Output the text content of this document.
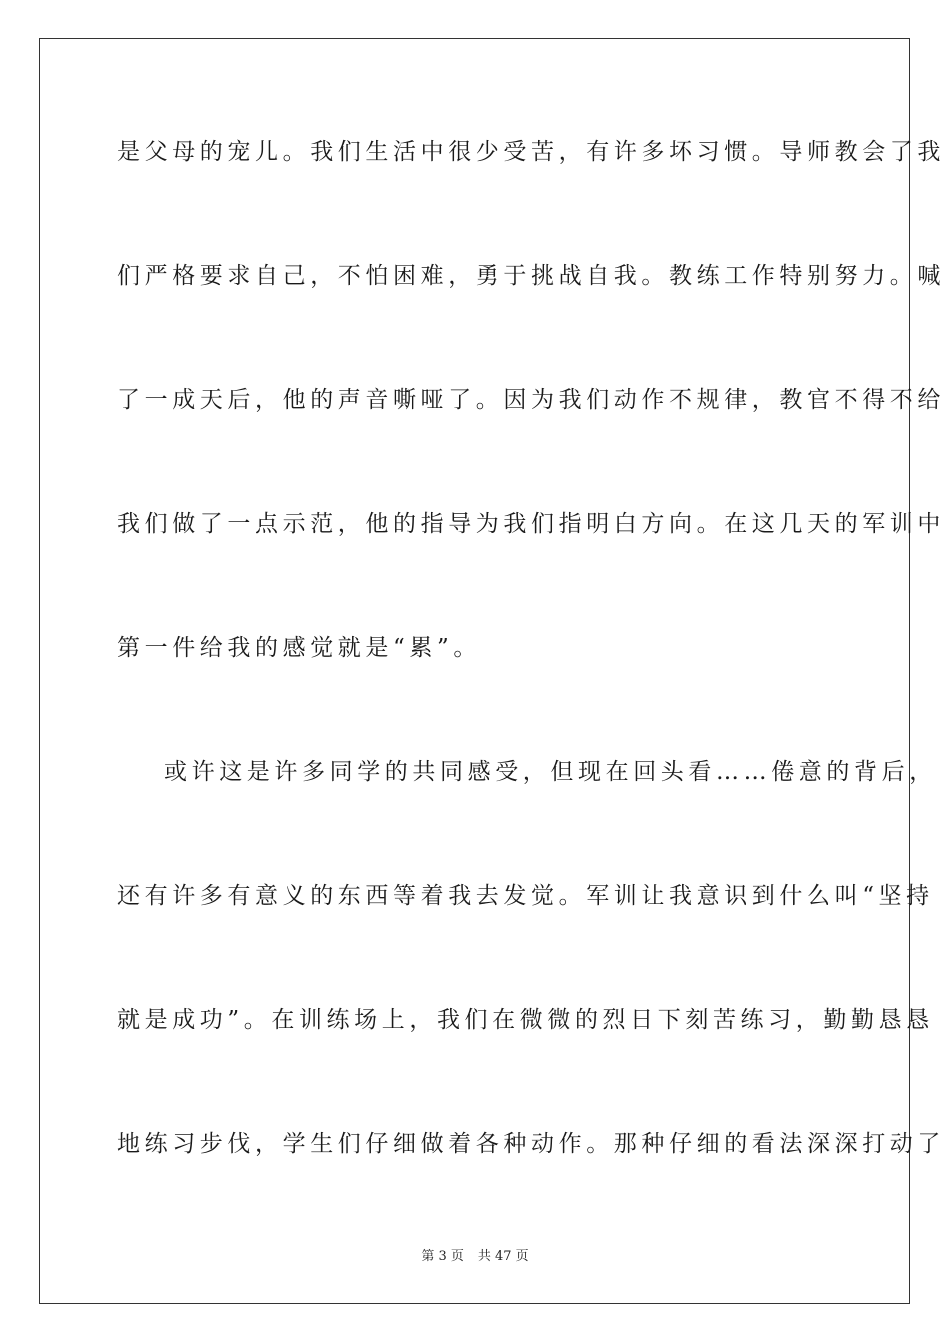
是父母的宠儿。我们生活中很少受苦，有许多坏习惯。导师教会了我
们严格要求自己，不怕困难，勇于挑战自我。教练工作特别努力。喊
了一成天后，他的声音嘶哑了。因为我们动作不规律，教官不得不给
我们做了一点示范，他的指导为我们指明白方向。在这几天的军训中
第一件给我的感觉就是“累”。
或许这是许多同学的共同感受，但现在回头看……倦意的背后，
还有许多有意义的东西等着我去发觉。军训让我意识到什么叫“坚持
就是成功”。在训练场上，我们在微微的烈日下刻苦练习，勤勤恳恳
地练习步伐，学生们仔细做着各种动作。那种仔细的看法深深打动了
第 3 页 共 47 页
